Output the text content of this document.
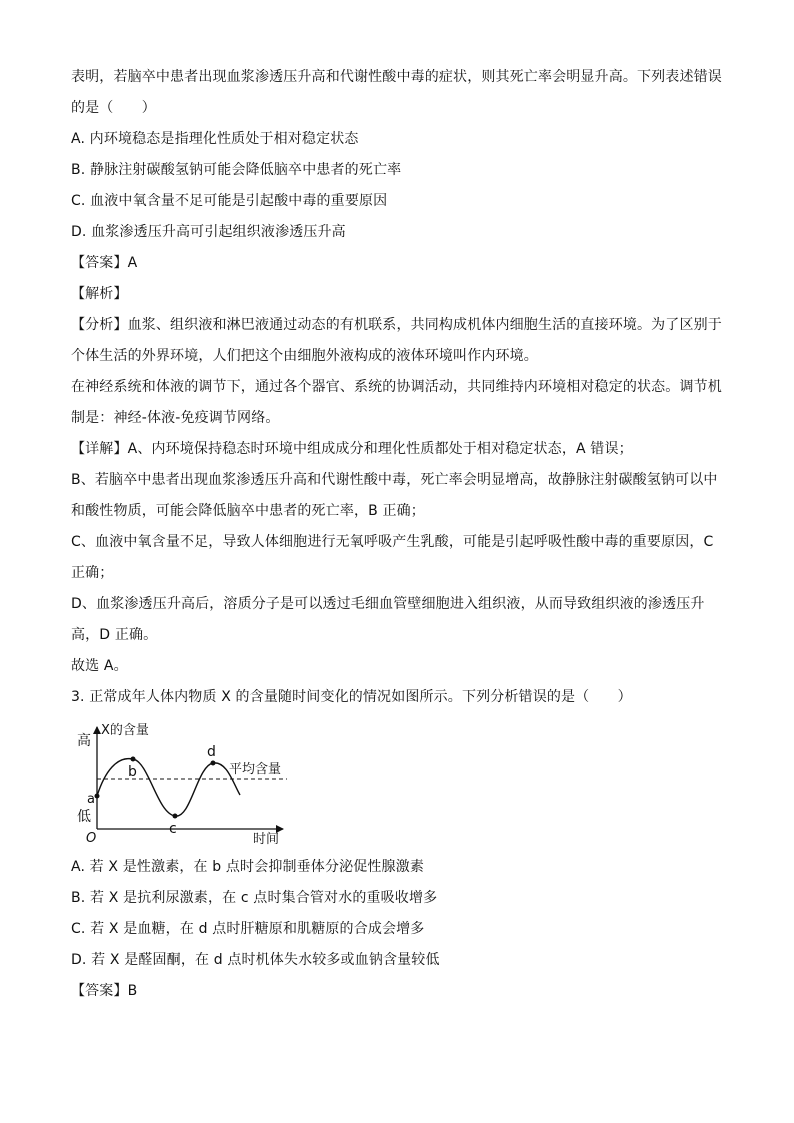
表明，若脑卒中患者出现血浆渗透压升高和代谢性酸中毒的症状，则其死亡率会明显升高。下列表述错误
的是（　　）
A. 内环境稳态是指理化性质处于相对稳定状态
B. 静脉注射碳酸氢钠可能会降低脑卒中患者的死亡率
C. 血液中氧含量不足可能是引起酸中毒的重要原因
D. 血浆渗透压升高可引起组织液渗透压升高
【答案】A
【解析】
【分析】血浆、组织液和淋巴液通过动态的有机联系，共同构成机体内细胞生活的直接环境。为了区别于
个体生活的外界环境，人们把这个由细胞外液构成的液体环境叫作内环境。
在神经系统和体液的调节下，通过各个器官、系统的协调活动，共同维持内环境相对稳定的状态。调节机
制是：神经-体液-免疫调节网络。
【详解】A、内环境保持稳态时环境中组成成分和理化性质都处于相对稳定状态，A 错误；
B、若脑卒中患者出现血浆渗透压升高和代谢性酸中毒，死亡率会明显增高，故静脉注射碳酸氢钠可以中
和酸性物质，可能会降低脑卒中患者的死亡率，B 正确；
C、血液中氧含量不足，导致人体细胞进行无氧呼吸产生乳酸，可能是引起呼吸性酸中毒的重要原因，C
正确；
D、血浆渗透压升高后，溶质分子是可以透过毛细血管壁细胞进入组织液，从而导致组织液的渗透压升
高，D 正确。
故选 A。
3. 正常成年人体内物质 X 的含量随时间变化的情况如图所示。下列分析错误的是（　　）
高
低
X的含量
O	时间
平均含量
a
b
c
d
A. 若 X 是性激素，在 b 点时会抑制垂体分泌促性腺激素
B. 若 X 是抗利尿激素，在 c 点时集合管对水的重吸收增多
C. 若 X 是血糖，在 d 点时肝糖原和肌糖原的合成会增多
D. 若 X 是醛固酮，在 d 点时机体失水较多或血钠含量较低
【答案】B
